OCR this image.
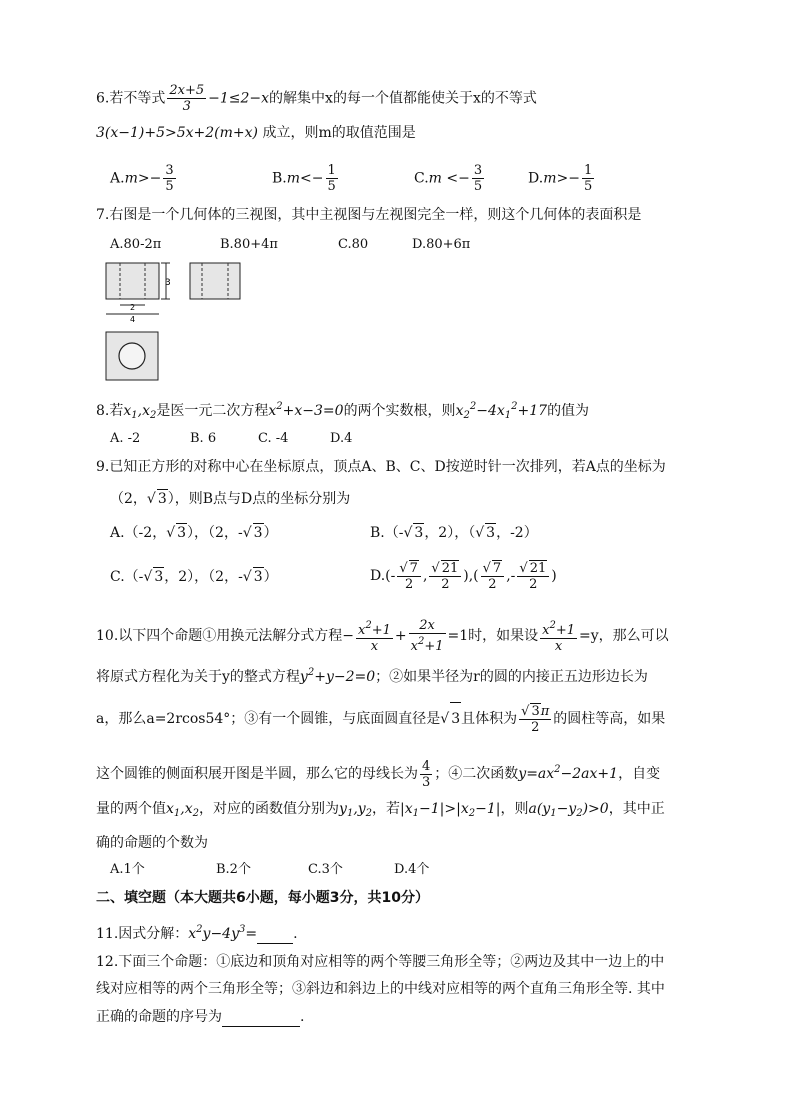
6.若不等式 $\frac{2x+5}{3} -1\le 2-x$的解集中x的每一个值都能使关于x的不等式
3(x−1)+5>5x+2(m+x) 成立，则m的取值范围是
$A.m>- \frac{3}{5}$	$B.m<- \frac{1}{5}$	$C.m <- \frac{3}{5}$	$D.m>- \frac{1}{5}$
7.右图是一个几何体的三视图，其中主视图与左视图完全一样，则这个几何体的表面积是
A.80-2π	B.80+4π	C.80	D.80+6π
3
2
4
8.若$x_1,x_2$是医一元二次方程$x^2+x-3=0$的两个实数根，则$x_2^2-4x_1^2+17$的值为
A. -2	B. 6	C. -4	D.4
9.已知正方形的对称中心在坐标原点，顶点A、B、C、D按逆时针一次排列，若A点的坐标为
（2， √ 3），则B点与D点的坐标分别为
A.（-2， √ 3），（2，- √ 3）	B.（- √ 3，2），（ √ 3，-2）
C.（- √ 3，2），（2，- √ 3）	D.(- √ $\frac{7}{2}$ , √ $\frac{21}{2}$ ),( √ $\frac{7}{2}$ ,- √ $\frac{21}{2}$ )
10.以下四个命题①用换元法解分式方程− $\frac{x^2+1}{x} + \frac{2x}{x^2+1} =1$时，如果设 $\frac{x^2+1}{x} =y$，那么可以
将原式方程化为关于y的整式方程$y^2+y-2=0$；②如果半径为r的圆的内接正五边形边长为
a，那么a=2rcos54°；③有一个圆锥，与底面圆直径是 √ 3且体积为 √ $\frac{3\pi}{2}$ 的圆柱等高，如果
这个圆锥的侧面积展开图是半圆，那么它的母线长为 $\frac{4}{3}$ ；④二次函数$y=ax^2-2ax+1$，自变
量的两个值$x_1,x_2$，对应的函数值分别为$y_1,y_2$，若$|x_1-1|>|x_2-1|$，则$a(y_1-y_2)>0$，其中正
确的命题的个数为
A.1个	B.2个	C.3个	D.4个
二、填空题（本大题共6小题，每小题3分，共10分）
11.因式分解：$x^2y-4y^3=$	.
12.下面三个命题：①底边和顶角对应相等的两个等腰三角形全等；②两边及其中一边上的中
线对应相等的两个三角形全等；③斜边和斜边上的中线对应相等的两个直角三角形全等. 其中
正确的命题的序号为	.
